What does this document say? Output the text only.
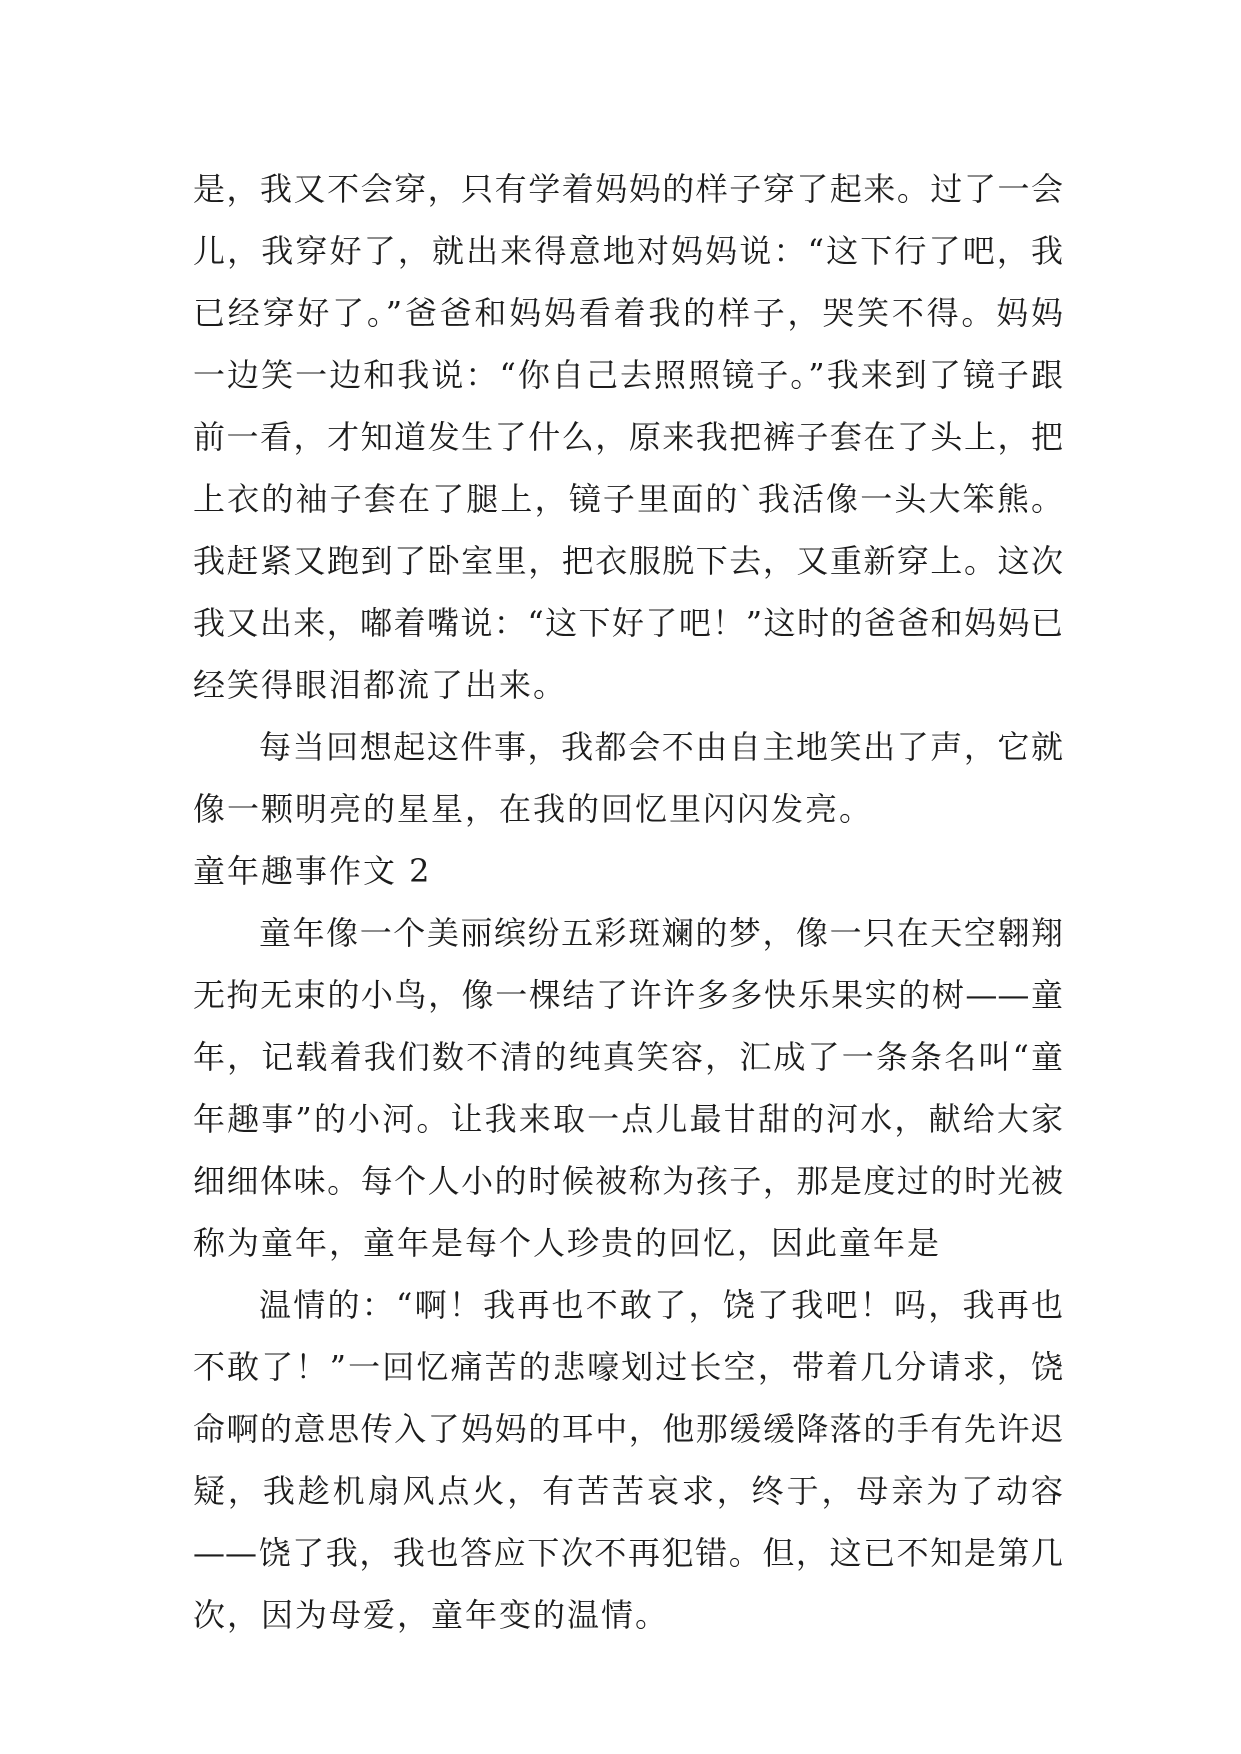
是，我又不会穿，只有学着妈妈的样子穿了起来。过了一会
儿，我穿好了，就出来得意地对妈妈说：“这下行了吧，我
已经穿好了。”爸爸和妈妈看着我的样子，哭笑不得。妈妈
一边笑一边和我说：“你自己去照照镜子。”我来到了镜子跟
前一看，才知道发生了什么，原来我把裤子套在了头上，把
上衣的袖子套在了腿上，镜子里面的`我活像一头大笨熊。
我赶紧又跑到了卧室里，把衣服脱下去，又重新穿上。这次
我又出来，嘟着嘴说：“这下好了吧！”这时的爸爸和妈妈已
经笑得眼泪都流了出来。
每当回想起这件事，我都会不由自主地笑出了声，它就
像一颗明亮的星星，在我的回忆里闪闪发亮。
童年趣事作文 2
童年像一个美丽缤纷五彩斑斓的梦，像一只在天空翱翔
无拘无束的小鸟，像一棵结了许许多多快乐果实的树——童
年，记载着我们数不清的纯真笑容，汇成了一条条名叫“童
年趣事”的小河。让我来取一点儿最甘甜的河水，献给大家
细细体味。每个人小的时候被称为孩子，那是度过的时光被
称为童年，童年是每个人珍贵的回忆，因此童年是
温情的：“啊！我再也不敢了，饶了我吧！吗，我再也
不敢了！”一回忆痛苦的悲嚎划过长空，带着几分请求，饶
命啊的意思传入了妈妈的耳中，他那缓缓降落的手有先许迟
疑，我趁机扇风点火，有苦苦哀求，终于，母亲为了动容
——饶了我，我也答应下次不再犯错。但，这已不知是第几
次，因为母爱，童年变的温情。
